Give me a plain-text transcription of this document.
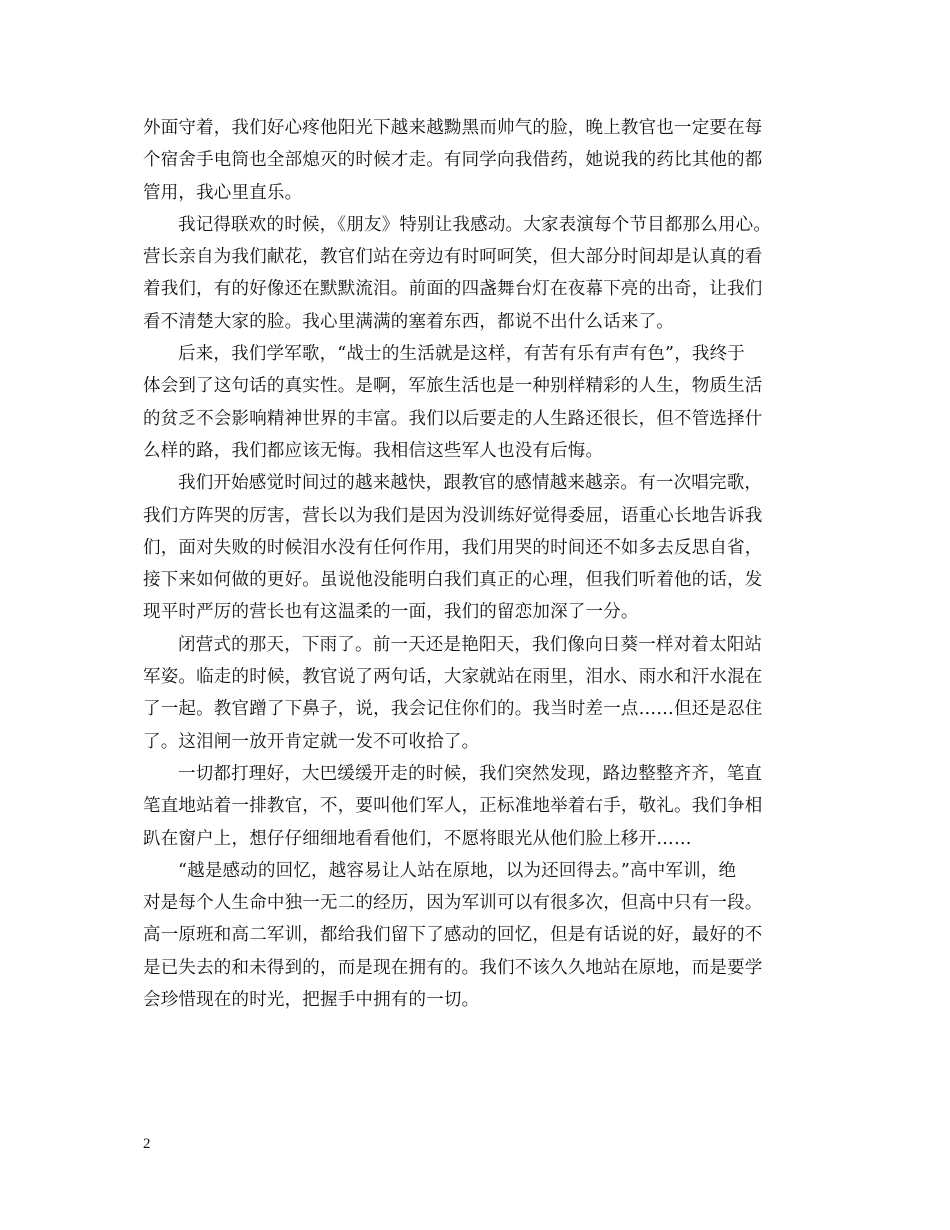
外面守着，我们好心疼他阳光下越来越黝黑而帅气的脸，晚上教官也一定要在每
个宿舍手电筒也全部熄灭的时候才走。有同学向我借药，她说我的药比其他的都
管用，我心里直乐。
我记得联欢的时候，《朋友》特别让我感动。大家表演每个节目都那么用心。
营长亲自为我们献花，教官们站在旁边有时呵呵笑，但大部分时间却是认真的看
着我们，有的好像还在默默流泪。前面的四盏舞台灯在夜幕下亮的出奇，让我们
看不清楚大家的脸。我心里满满的塞着东西，都说不出什么话来了。
后来，我们学军歌，“战士的生活就是这样，有苦有乐有声有色”，我终于
体会到了这句话的真实性。是啊，军旅生活也是一种别样精彩的人生，物质生活
的贫乏不会影响精神世界的丰富。我们以后要走的人生路还很长，但不管选择什
么样的路，我们都应该无悔。我相信这些军人也没有后悔。
我们开始感觉时间过的越来越快，跟教官的感情越来越亲。有一次唱完歌，
我们方阵哭的厉害，营长以为我们是因为没训练好觉得委屈，语重心长地告诉我
们，面对失败的时候泪水没有任何作用，我们用哭的时间还不如多去反思自省，
接下来如何做的更好。虽说他没能明白我们真正的心理，但我们听着他的话，发
现平时严厉的营长也有这温柔的一面，我们的留恋加深了一分。
闭营式的那天，下雨了。前一天还是艳阳天，我们像向日葵一样对着太阳站
军姿。临走的时候，教官说了两句话，大家就站在雨里，泪水、雨水和汗水混在
了一起。教官蹭了下鼻子，说，我会记住你们的。我当时差一点……但还是忍住
了。这泪闸一放开肯定就一发不可收拾了。
一切都打理好，大巴缓缓开走的时候，我们突然发现，路边整整齐齐，笔直
笔直地站着一排教官，不，要叫他们军人，正标准地举着右手，敬礼。我们争相
趴在窗户上，想仔仔细细地看看他们，不愿将眼光从他们脸上移开……
“越是感动的回忆，越容易让人站在原地，以为还回得去。”高中军训，绝
对是每个人生命中独一无二的经历，因为军训可以有很多次，但高中只有一段。
高一原班和高二军训，都给我们留下了感动的回忆，但是有话说的好，最好的不
是已失去的和未得到的，而是现在拥有的。我们不该久久地站在原地，而是要学
会珍惜现在的时光，把握手中拥有的一切。
2
